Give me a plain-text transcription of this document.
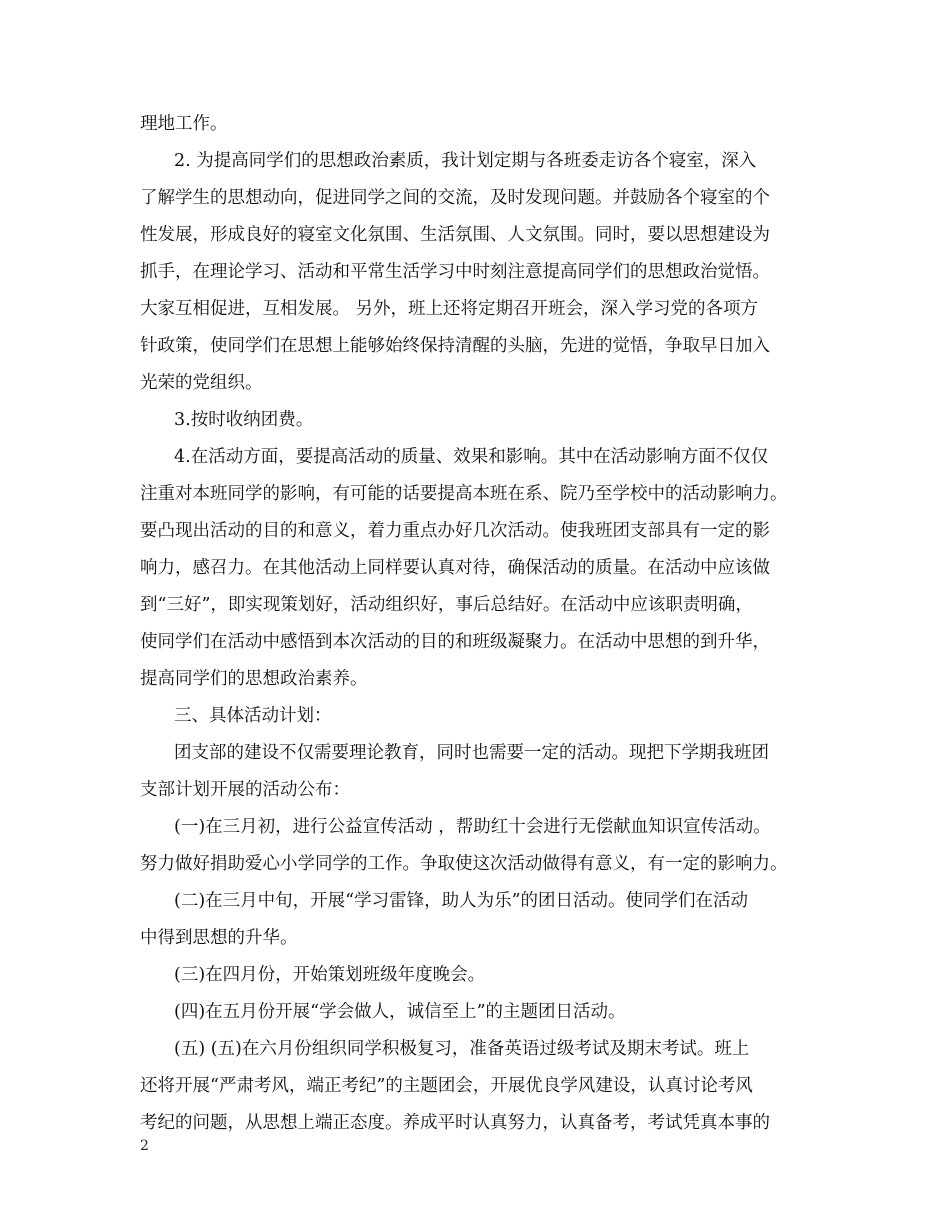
理地工作。
2. 为提高同学们的思想政治素质，我计划定期与各班委走访各个寝室，深入
了解学生的思想动向，促进同学之间的交流，及时发现问题。并鼓励各个寝室的个
性发展，形成良好的寝室文化氛围、生活氛围、人文氛围。同时，要以思想建设为
抓手，在理论学习、活动和平常生活学习中时刻注意提高同学们的思想政治觉悟。
大家互相促进，互相发展。 另外，班上还将定期召开班会，深入学习党的各项方
针政策，使同学们在思想上能够始终保持清醒的头脑，先进的觉悟，争取早日加入
光荣的党组织。
3.按时收纳团费。
4.在活动方面，要提高活动的质量、效果和影响。其中在活动影响方面不仅仅
注重对本班同学的影响，有可能的话要提高本班在系、院乃至学校中的活动影响力。
要凸现出活动的目的和意义，着力重点办好几次活动。使我班团支部具有一定的影
响力，感召力。在其他活动上同样要认真对待，确保活动的质量。在活动中应该做
到“三好”，即实现策划好，活动组织好，事后总结好。在活动中应该职责明确，
使同学们在活动中感悟到本次活动的目的和班级凝聚力。在活动中思想的到升华，
提高同学们的思想政治素养。
三、具体活动计划：
团支部的建设不仅需要理论教育，同时也需要一定的活动。现把下学期我班团
支部计划开展的活动公布：
(一)在三月初，进行公益宣传活动 ，帮助红十会进行无偿献血知识宣传活动。
努力做好捐助爱心小学同学的工作。争取使这次活动做得有意义，有一定的影响力。
(二)在三月中旬，开展“学习雷锋，助人为乐”的团日活动。使同学们在活动
中得到思想的升华。
(三)在四月份，开始策划班级年度晚会。
(四)在五月份开展“学会做人，诚信至上”的主题团日活动。
(五) (五)在六月份组织同学积极复习，准备英语过级考试及期末考试。班上
还将开展“严肃考风，端正考纪”的主题团会，开展优良学风建设，认真讨论考风
考纪的问题，从思想上端正态度。养成平时认真努力，认真备考，考试凭真本事的
2
